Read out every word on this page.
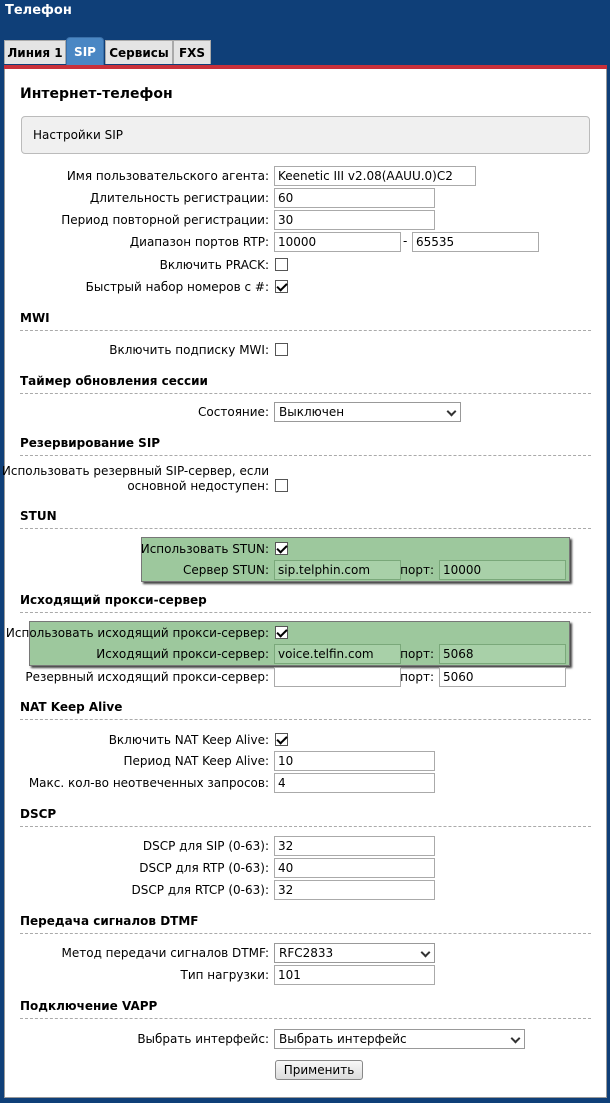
Телефон
Линия 1 SIP	Сервисы FXS
Интернет-телефон
Настройки SIP
Имя пользовательского агента:
Keenetic III v2.08(AAUU.0)C2
Длительность регистрации:
60
Период повторной регистрации:
30
Диапазон портов RTP:
10000	-
65535
Включить PRACK:
Быстрый набор номеров с #:
MWI
Включить подписку MWI:
Таймер обновления сессии
Состояние: Выключен
Резервирование SIP
Использовать резервный SIP-сервер, если
основной недоступен:
STUN
Использовать STUN:
Сервер STUN:
sip.telphin.com	порт:
10000
Исходящий прокси-сервер
Использовать исходящий прокси-сервер:
Исходящий прокси-сервер:
voice.telfin.com	порт:
5068
Резервный исходящий прокси-сервер:	порт:
5060
NAT Keep Alive
Включить NAT Keep Alive:
Период NAT Keep Alive:
10
Макс. кол-во неотвеченных запросов:
4
DSCP
DSCP для SIP (0-63):
32
DSCP для RTP (0-63):
40
DSCP для RTCP (0-63):
32
Передача сигналов DTMF
Метод передачи сигналов DTMF: RFC2833
Тип нагрузки:
101
Подключение VAPP
Выбрать интерфейс: Выбрать интерфейс
Применить
